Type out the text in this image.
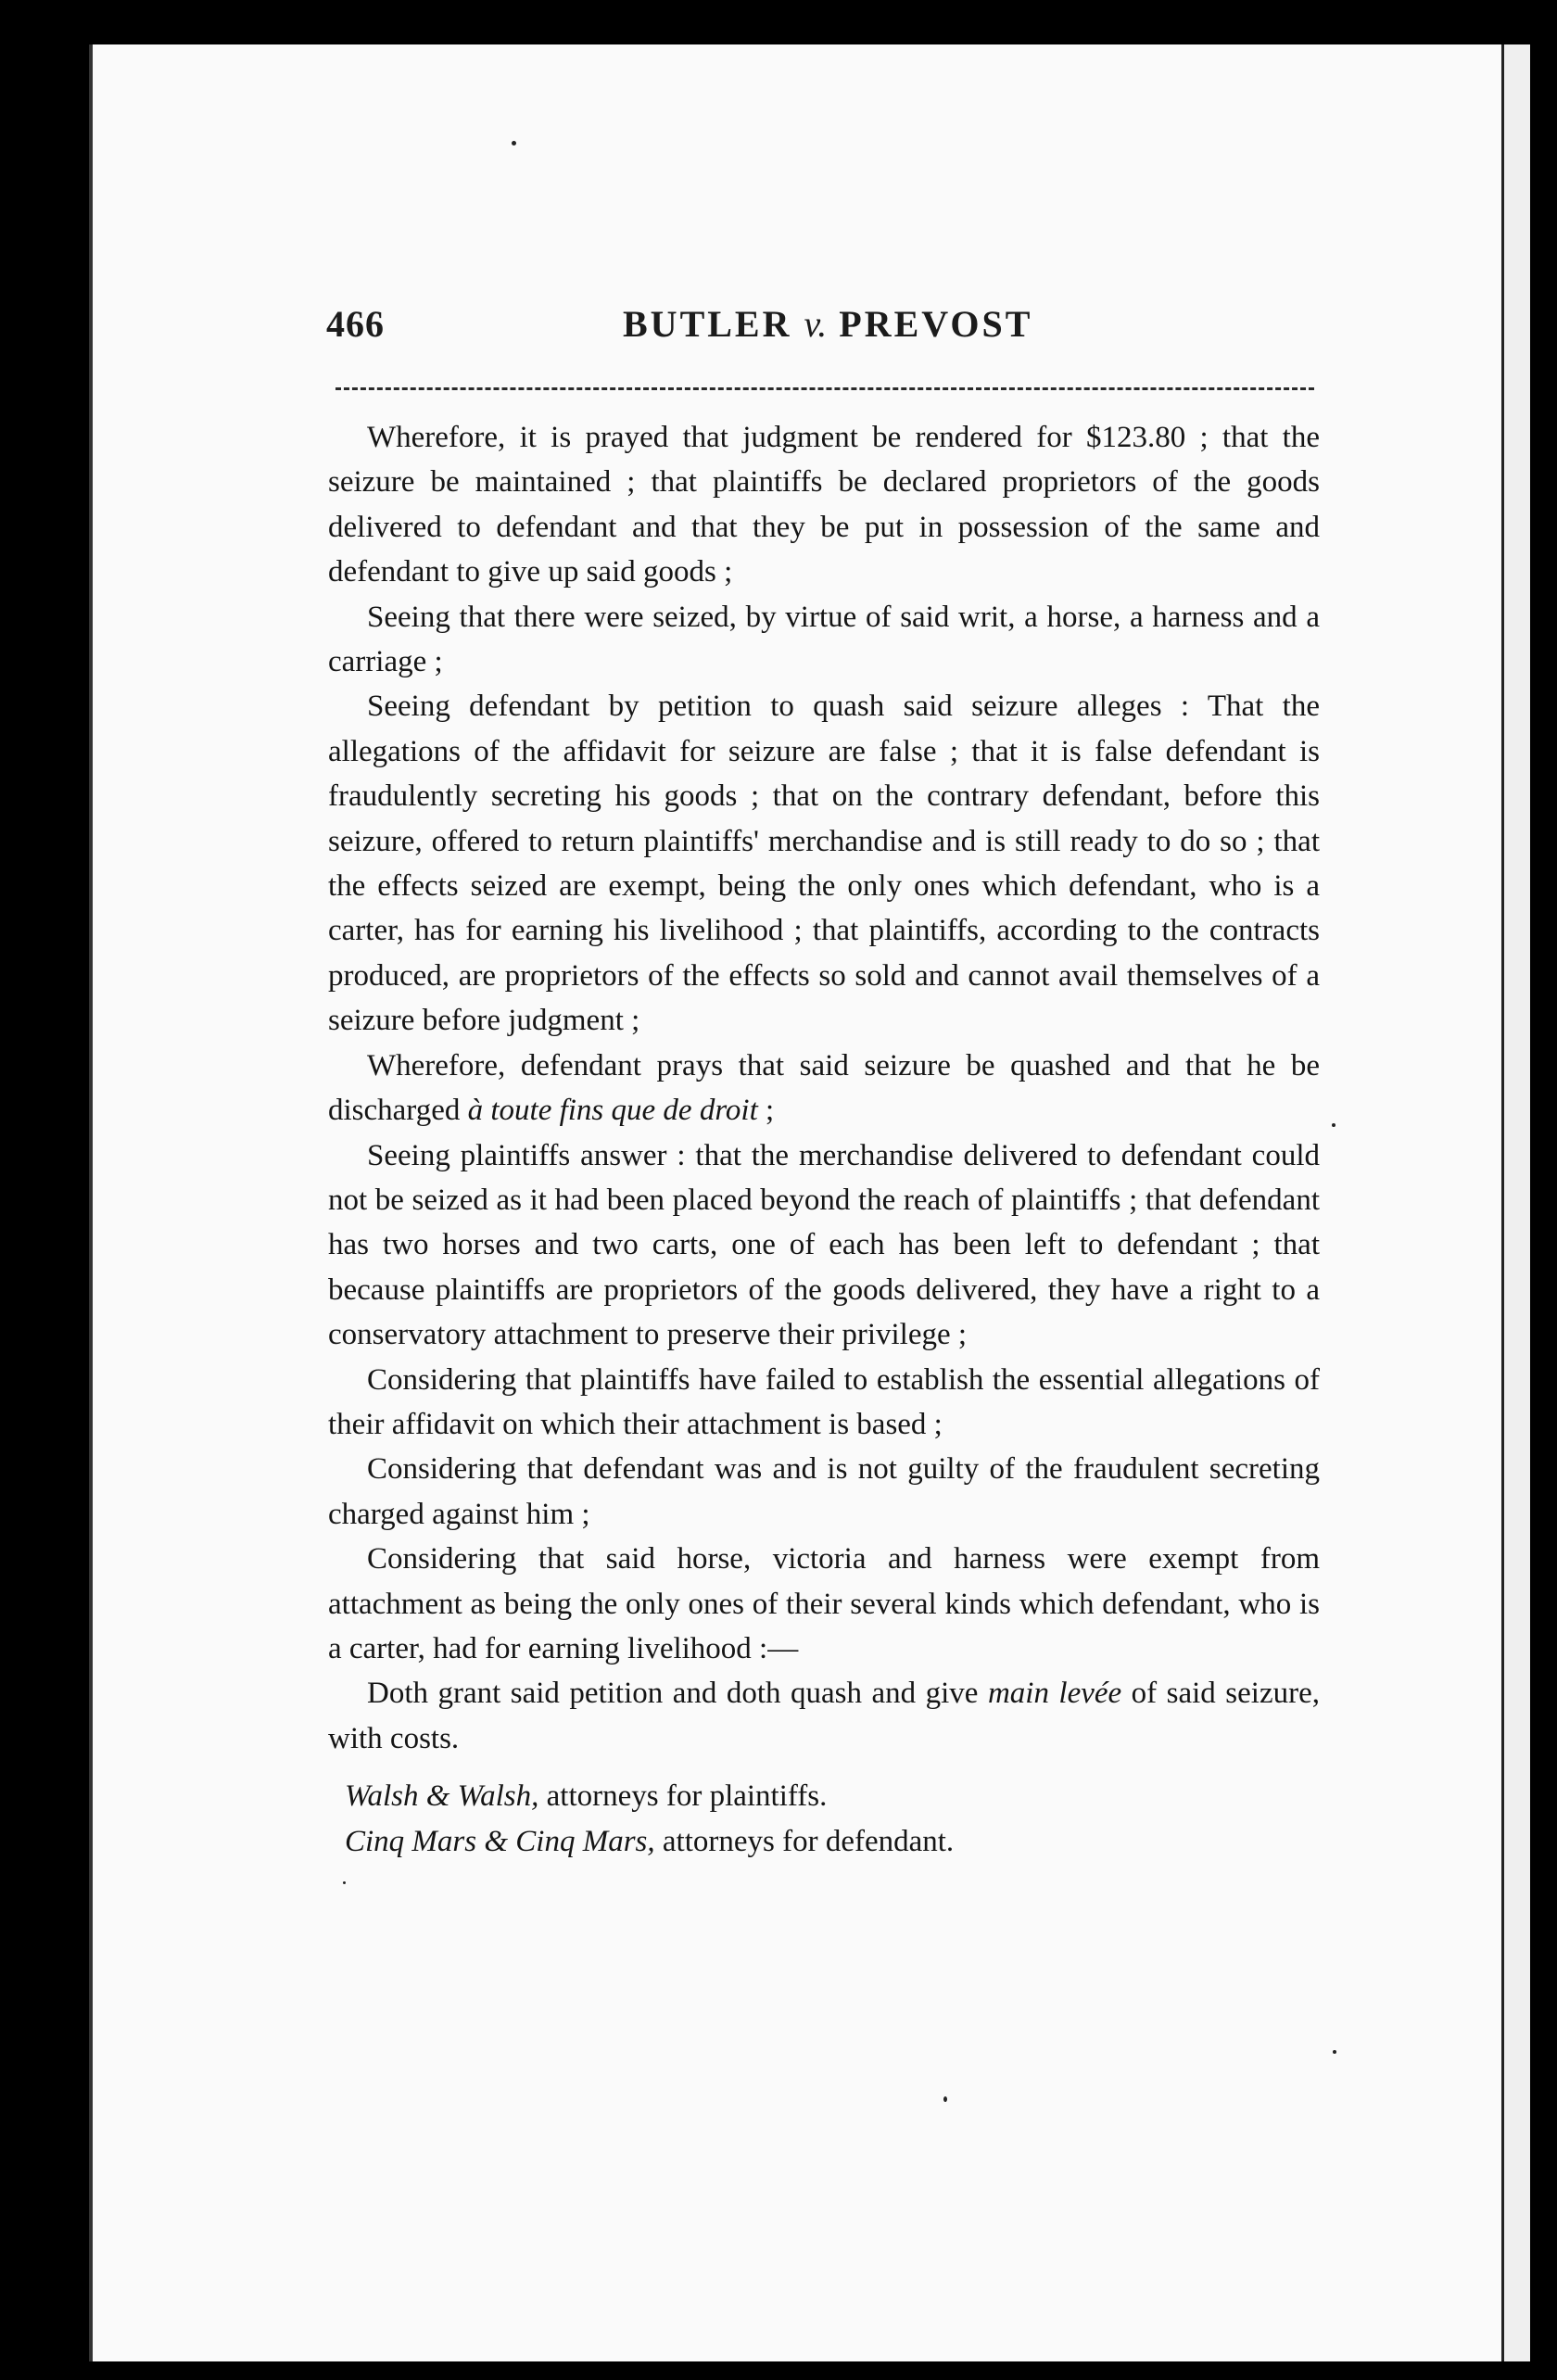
466	BUTLER v. PREVOST

Wherefore, it is prayed that judgment be rendered for $123.80 ; that the seizure be maintained ; that plaintiffs be declared proprietors of the goods delivered to defendant and that they be put in possession of the same and defendant to give up said goods ;

Seeing that there were seized, by virtue of said writ, a horse, a harness and a carriage ;

Seeing defendant by petition to quash said seizure alleges : That the allegations of the affidavit for seizure are false ; that it is false defendant is fraudulently secreting his goods ; that on the contrary defendant, before this seizure, offered to return plaintiffs' merchandise and is still ready to do so ; that the effects seized are exempt, being the only ones which defendant, who is a carter, has for earning his livelihood ; that plaintiffs, according to the contracts produced, are proprietors of the effects so sold and cannot avail themselves of a seizure before judgment ;

Wherefore, defendant prays that said seizure be quashed and that he be discharged à toute fins que de droit ;

Seeing plaintiffs answer : that the merchandise delivered to defendant could not be seized as it had been placed beyond the reach of plaintiffs ; that defendant has two horses and two carts, one of each has been left to defendant ; that because plaintiffs are proprietors of the goods delivered, they have a right to a conservatory attachment to preserve their privilege ;

Considering that plaintiffs have failed to establish the essential allegations of their affidavit on which their attachment is based ;

Considering that defendant was and is not guilty of the fraudulent secreting charged against him ;

Considering that said horse, victoria and harness were exempt from attachment as being the only ones of their several kinds which defendant, who is a carter, had for earning livelihood :—

Doth grant said petition and doth quash and give main levée of said seizure, with costs.

Walsh & Walsh, attorneys for plaintiffs.

Cinq Mars & Cinq Mars, attorneys for defendant.
